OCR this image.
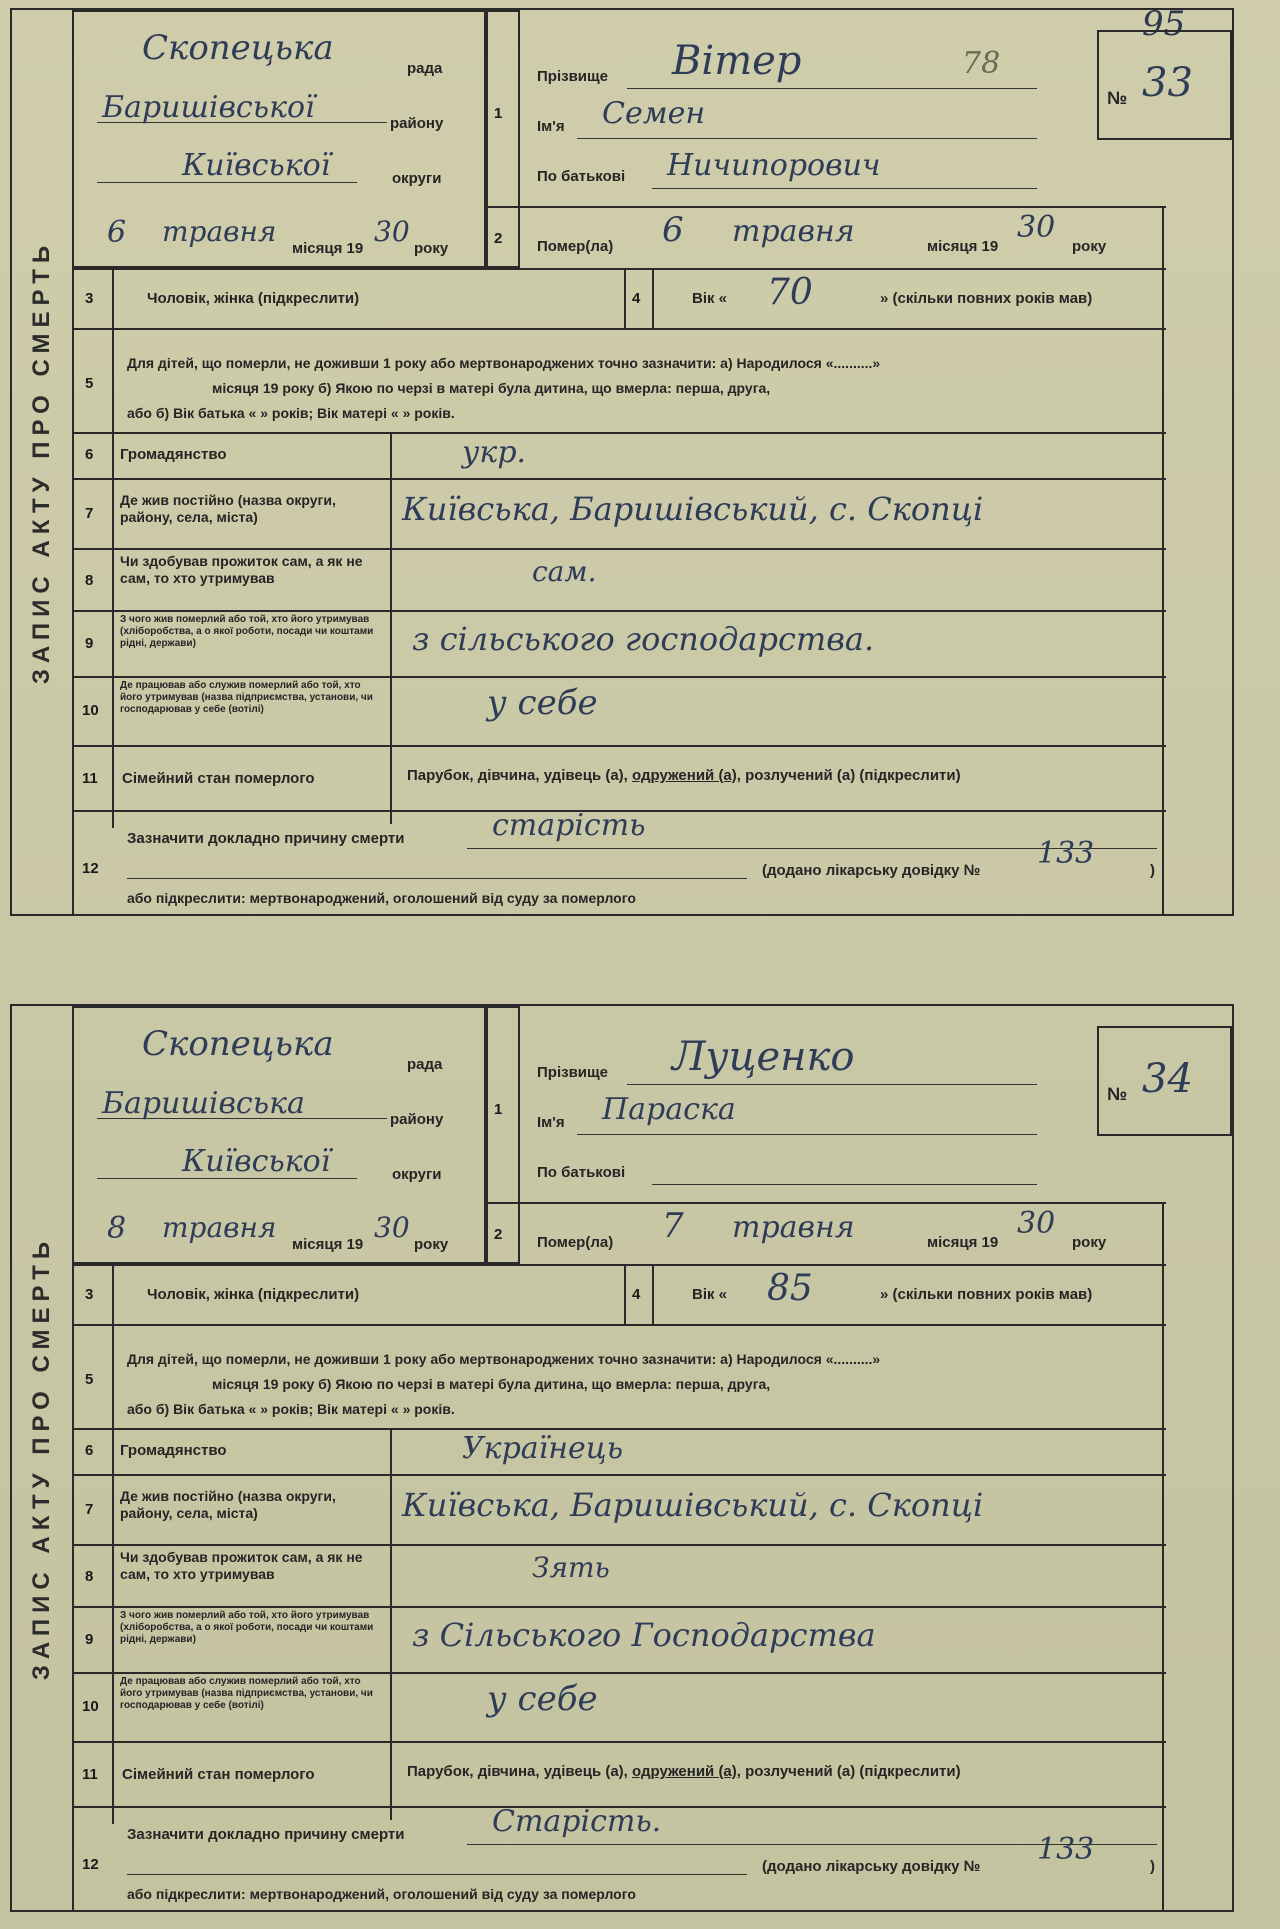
95
ЗАПИС АКТУ ПРО СМЕРТЬ
Скопецька
рада
Баришівської	району
Київської	округи
6 травня
місяця 19
30
року
1
2
Прізвище Вітер	78
Ім'я Семен
По батькові Ничипорович
№ 33
Помер(ла) 6 травня	місяця 19
30
року
3	Чоловік, жінка (підкреслити)	4	Вік « 70	» (скільки повних років мав)
5
Для дітей, що померли, не доживши 1 року або мертвонароджених точно зазначити: а) Народилося «..........»
місяця 19 року б) Якою по черзі в матері була дитина, що вмерла: перша, друга,
або б) Вік батька « » років; Вік матері « » років.
6 Громадянство	укр.
7
Де жив постійно (назва округи, району, села, міста)	Київська, Баришівський, с. Скопці
8
Чи здобував прожиток сам, а як не сам, то хто утримував	сам.
9
З чого жив померлий або той, хто його утримував (хліборобства, а о якої роботи, посади чи коштами рідні, держави)	з сільського господарства.
10
Де працював або служив померлий або той, хто його утримував (назва підприємства, установи, чи господарював у себе (вотілі)	у себе
11 Сімейний стан померлого	Парубок, дівчина, удівець (а), одружений (а), розлучений (а) (підкреслити)
12
Зазначити докладно причину смерти	старість
(додано лікарську довідку № 133	)
або підкреслити: мертвонароджений, оголошений від суду за померлого
ЗАПИС АКТУ ПРО СМЕРТЬ
Скопецька
рада
Баришівська	району
Київської	округи
8 травня
місяця 19
30
року
1
2
Прізвище Луценко
Ім'я Параска
По батькові
№ 34
Помер(ла) 7 травня	місяця 19
30
року
3	Чоловік, жінка (підкреслити)	4	Вік « 85	» (скільки повних років мав)
5
Для дітей, що померли, не доживши 1 року або мертвонароджених точно зазначити: а) Народилося «..........»
місяця 19 року б) Якою по черзі в матері була дитина, що вмерла: перша, друга,
або б) Вік батька « » років; Вік матері « » років.
6 Громадянство	Українець
7
Де жив постійно (назва округи, району, села, міста)	Київська, Баришівський, с. Скопці
8
Чи здобував прожиток сам, а як не сам, то хто утримував	Зять
9
З чого жив померлий або той, хто його утримував (хліборобства, а о якої роботи, посади чи коштами рідні, держави)	з Сільського Господарства
10
Де працював або служив померлий або той, хто його утримував (назва підприємства, установи, чи господарював у себе (вотілі)	у себе
11 Сімейний стан померлого	Парубок, дівчина, удівець (а), одружений (а), розлучений (а) (підкреслити)
12
Зазначити докладно причину смерти	Старість.
(додано лікарську довідку № 133	)
або підкреслити: мертвонароджений, оголошений від суду за померлого
